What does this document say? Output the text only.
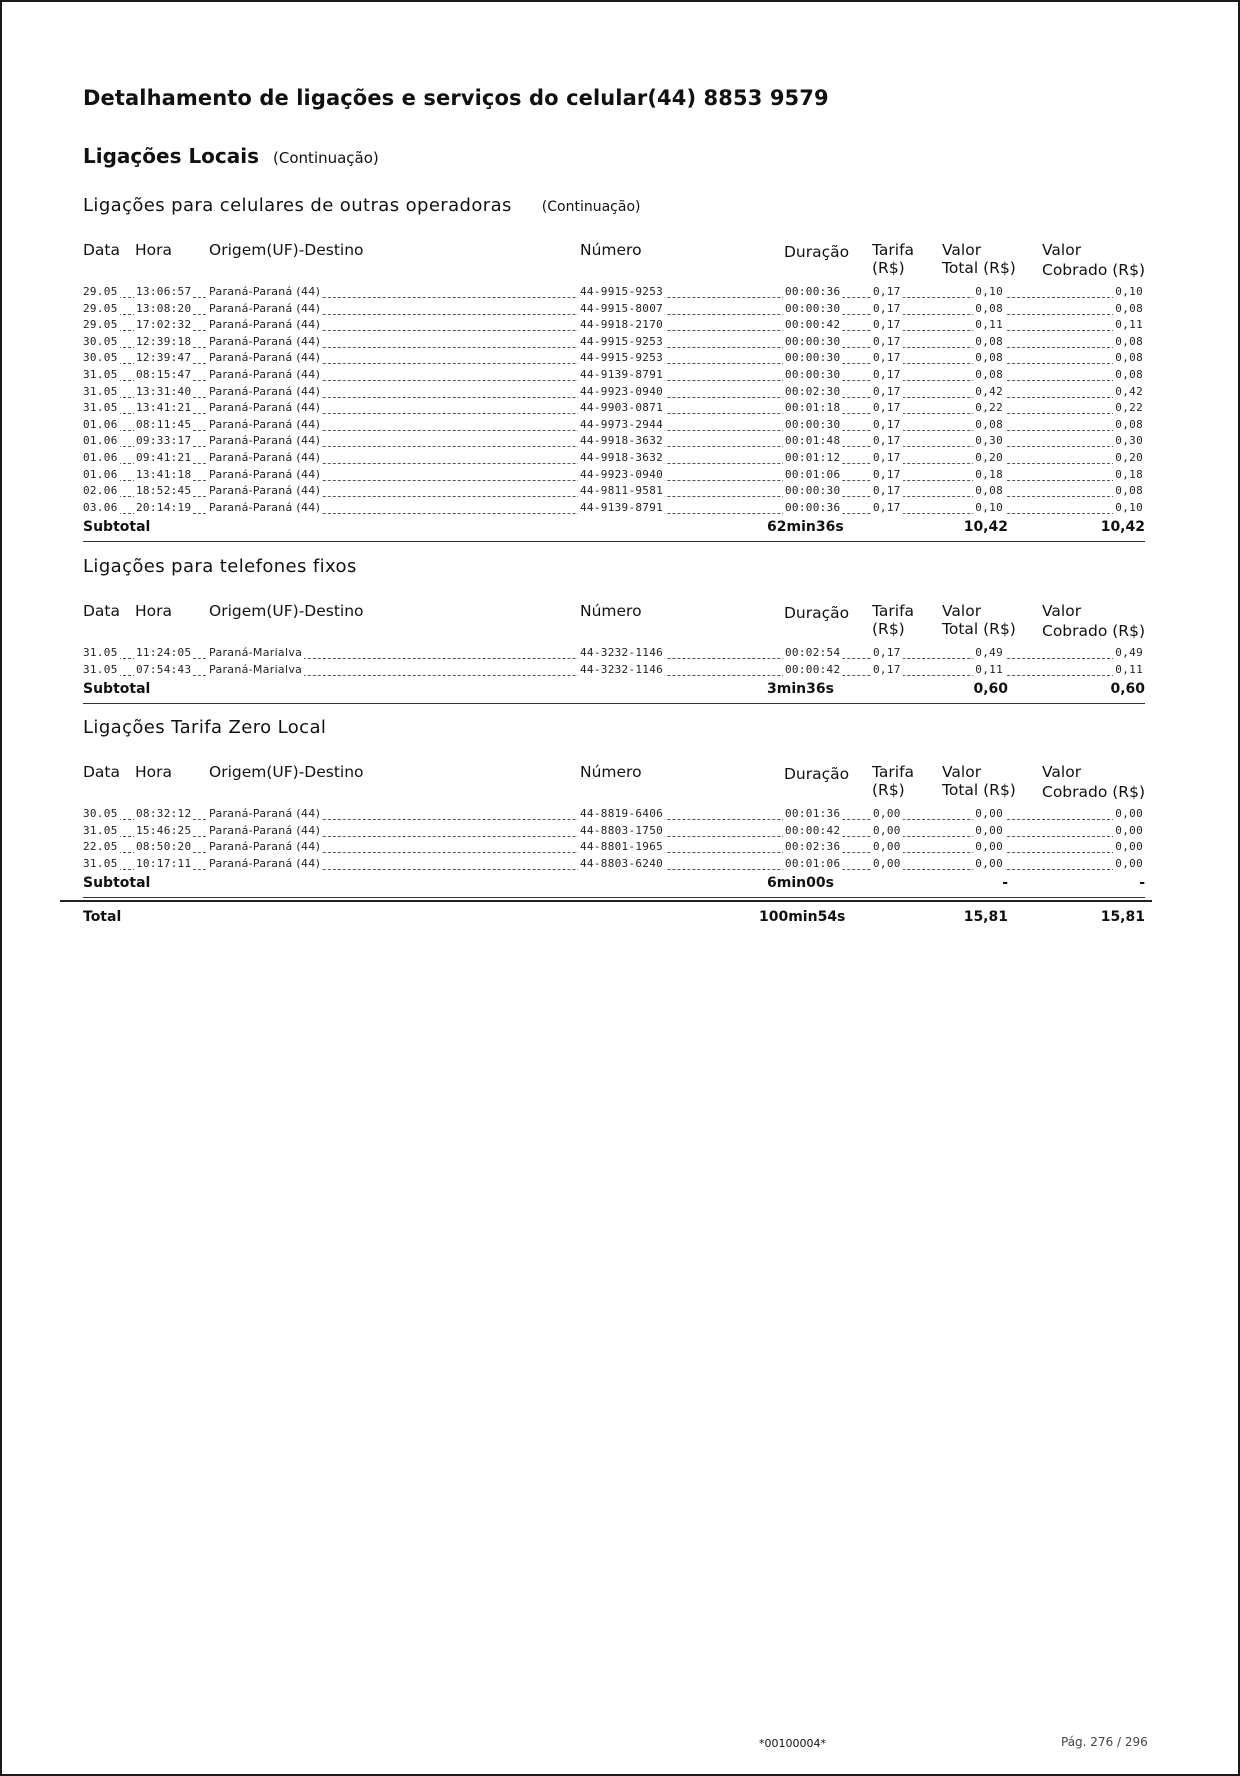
Detalhamento de ligações e serviços do celular(44) 8853 9579
Ligações Locais (Continuação)
Ligações para celulares de outras operadoras (Continuação)
Data Hora Origem(UF)-Destino	Número	Duração Tarifa
(R$)
Valor
Total (R$)
Valor
Cobrado (R$)
29.05 13:06:57 Paraná-Paraná (44)	44-9915-9253	00:00:36	0,17	0,10	0,10
29.05 13:08:20 Paraná-Paraná (44)	44-9915-8007	00:00:30	0,17	0,08	0,08
29.05 17:02:32 Paraná-Paraná (44)	44-9918-2170	00:00:42	0,17	0,11	0,11
30.05 12:39:18 Paraná-Paraná (44)	44-9915-9253	00:00:30	0,17	0,08	0,08
30.05 12:39:47 Paraná-Paraná (44)	44-9915-9253	00:00:30	0,17	0,08	0,08
31.05 08:15:47 Paraná-Paraná (44)	44-9139-8791	00:00:30	0,17	0,08	0,08
31.05 13:31:40 Paraná-Paraná (44)	44-9923-0940	00:02:30	0,17	0,42	0,42
31.05 13:41:21 Paraná-Paraná (44)	44-9903-0871	00:01:18	0,17	0,22	0,22
01.06 08:11:45 Paraná-Paraná (44)	44-9973-2944	00:00:30	0,17	0,08	0,08
01.06 09:33:17 Paraná-Paraná (44)	44-9918-3632	00:01:48	0,17	0,30	0,30
01.06 09:41:21 Paraná-Paraná (44)	44-9918-3632	00:01:12	0,17	0,20	0,20
01.06 13:41:18 Paraná-Paraná (44)	44-9923-0940	00:01:06	0,17	0,18	0,18
02.06 18:52:45 Paraná-Paraná (44)	44-9811-9581	00:00:30	0,17	0,08	0,08
03.06 20:14:19 Paraná-Paraná (44)	44-9139-8791	00:00:36	0,17	0,10	0,10
Subtotal	62min36s	10,42	10,42
Ligações para telefones fixos
Data Hora Origem(UF)-Destino	Número	Duração Tarifa
(R$)
Valor
Total (R$)
Valor
Cobrado (R$)
31.05 11:24:05 Paraná-Marialva	44-3232-1146	00:02:54	0,17	0,49	0,49
31.05 07:54:43 Paraná-Marialva	44-3232-1146	00:00:42	0,17	0,11	0,11
Subtotal	3min36s	0,60	0,60
Ligações Tarifa Zero Local
Data Hora Origem(UF)-Destino	Número	Duração Tarifa
(R$)
Valor
Total (R$)
Valor
Cobrado (R$)
30.05 08:32:12 Paraná-Paraná (44)	44-8819-6406	00:01:36	0,00	0,00	0,00
31.05 15:46:25 Paraná-Paraná (44)	44-8803-1750	00:00:42	0,00	0,00	0,00
22.05 08:50:20 Paraná-Paraná (44)	44-8801-1965	00:02:36	0,00	0,00	0,00
31.05 10:17:11 Paraná-Paraná (44)	44-8803-6240	00:01:06	0,00	0,00	0,00
Subtotal	6min00s	-	-
Total	100min54s	15,81	15,81
*00100004*	Pág. 276 / 296
